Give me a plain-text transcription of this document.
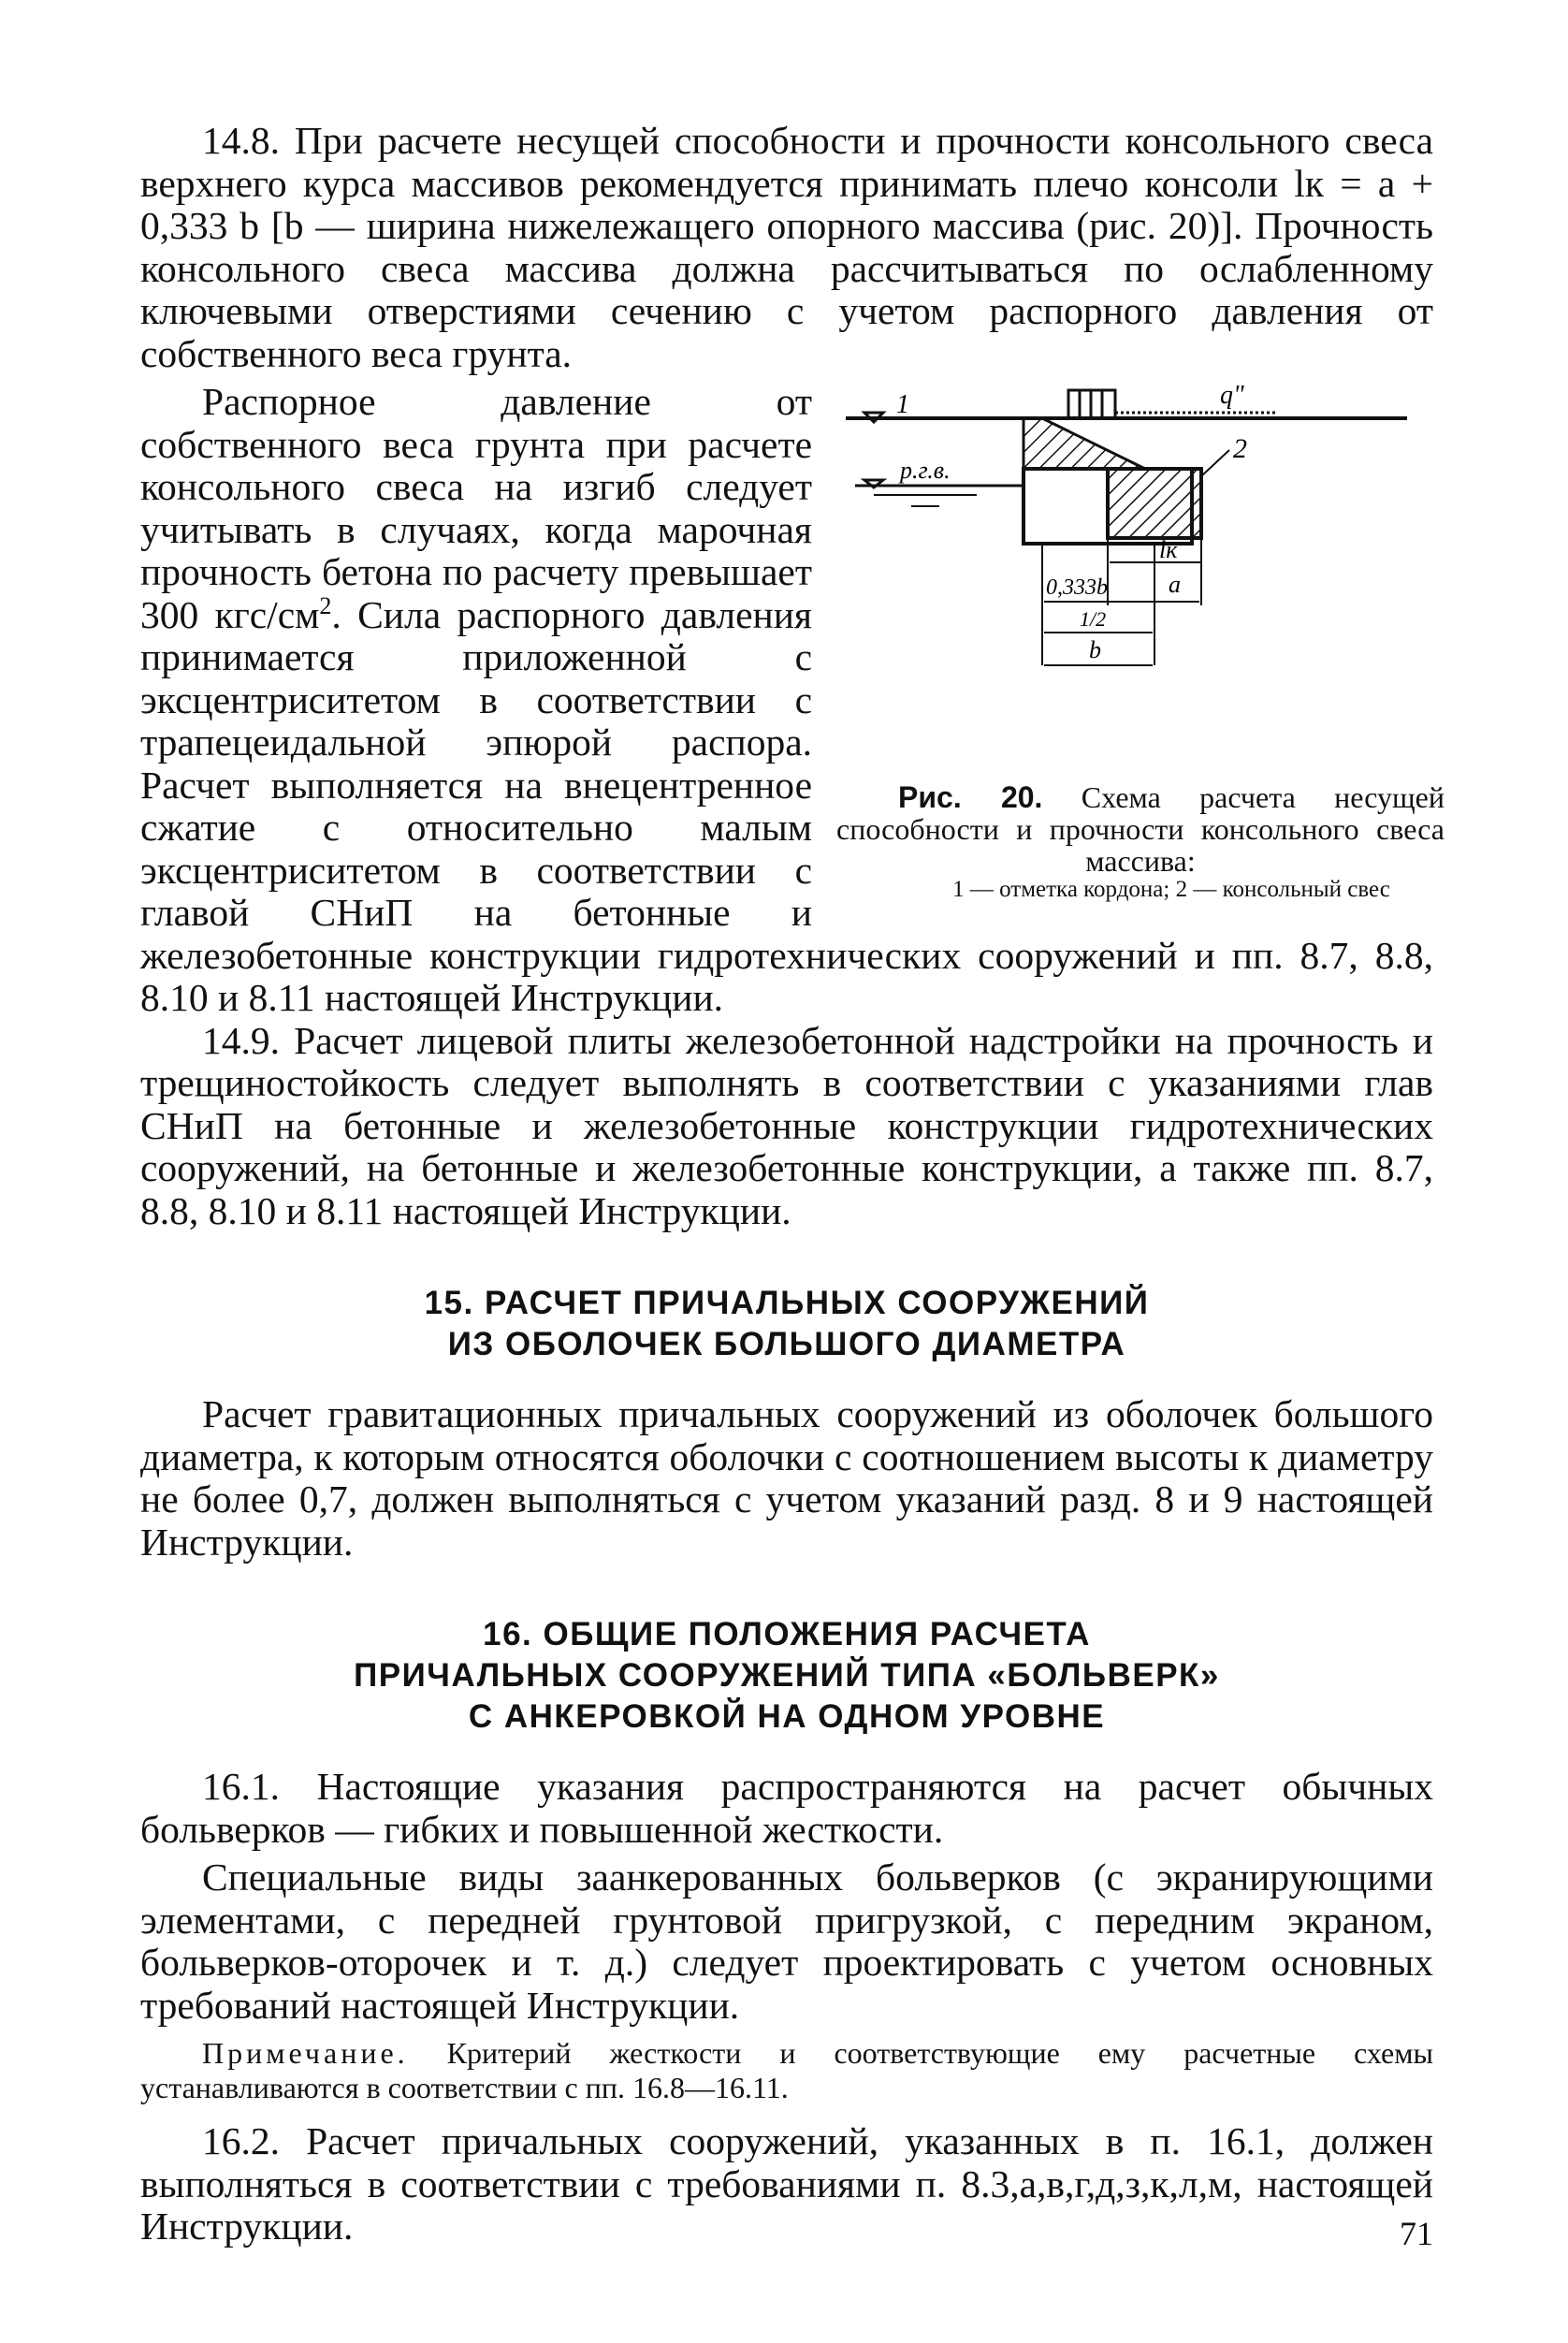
14.8. При расчете несущей способности и прочности консольного свеса верхнего курса массивов рекомендуется принимать плечо консоли lк = a + 0,333 b [b — ширина нижележащего опорного массива (рис. 20)]. Прочность консольного свеса массива должна рассчитываться по ослабленному ключевыми отверстиями сечению с учетом распорного давления от собственного веса грунта.

1	q"
р.г.в.
2
lк
0,333b	a
1/2
b
Рис. 20. Схема расчета несущей способности и прочности консольного свеса массива:
1 — отметка кордона; 2 — консольный свес
Распорное давление от собственного веса грунта при расчете консольного свеса на изгиб следует учитывать в случаях, когда марочная прочность бетона по расчету превышает 300 кгс/$см^2$. Сила распорного давления принимается приложенной с эксцентриситетом в соответствии с трапецеидальной эпюрой распора. Расчет выполняется на внецентренное сжатие с относительно малым эксцентриситетом в соответствии с главой СНиП на бетонные и железобетонные конструкции гидротехнических сооружений и пп. 8.7, 8.8, 8.10 и 8.11 настоящей Инструкции.

14.9. Расчет лицевой плиты железобетонной надстройки на прочность и трещиностойкость следует выполнять в соответствии с указаниями глав СНиП на бетонные и железобетонные конструкции гидротехнических сооружений, на бетонные и железобетонные конструкции, а также пп. 8.7, 8.8, 8.10 и 8.11 настоящей Инструкции.

15. РАСЧЕТ ПРИЧАЛЬНЫХ СООРУЖЕНИЙ
ИЗ ОБОЛОЧЕК БОЛЬШОГО ДИАМЕТРА

Расчет гравитационных причальных сооружений из оболочек большого диаметра, к которым относятся оболочки с соотношением высоты к диаметру не более 0,7, должен выполняться с учетом указаний разд. 8 и 9 настоящей Инструкции.

16. ОБЩИЕ ПОЛОЖЕНИЯ РАСЧЕТА
ПРИЧАЛЬНЫХ СООРУЖЕНИЙ ТИПА «БОЛЬВЕРК»
С АНКЕРОВКОЙ НА ОДНОМ УРОВНЕ

16.1. Настоящие указания распространяются на расчет обычных больверков — гибких и повышенной жесткости.

Специальные виды заанкерованных больверков (с экранирующими элементами, с передней грунтовой пригрузкой, с передним экраном, больверков-оторочек и т. д.) следует проектировать с учетом основных требований настоящей Инструкции.

Примечание. Критерий жесткости и соответствующие ему расчетные схемы устанавливаются в соответствии с пп. 16.8—16.11.

16.2. Расчет причальных сооружений, указанных в п. 16.1, должен выполняться в соответствии с требованиями п. 8.3,а,в,г,д,з,к,л,м, настоящей Инструкции.	71
